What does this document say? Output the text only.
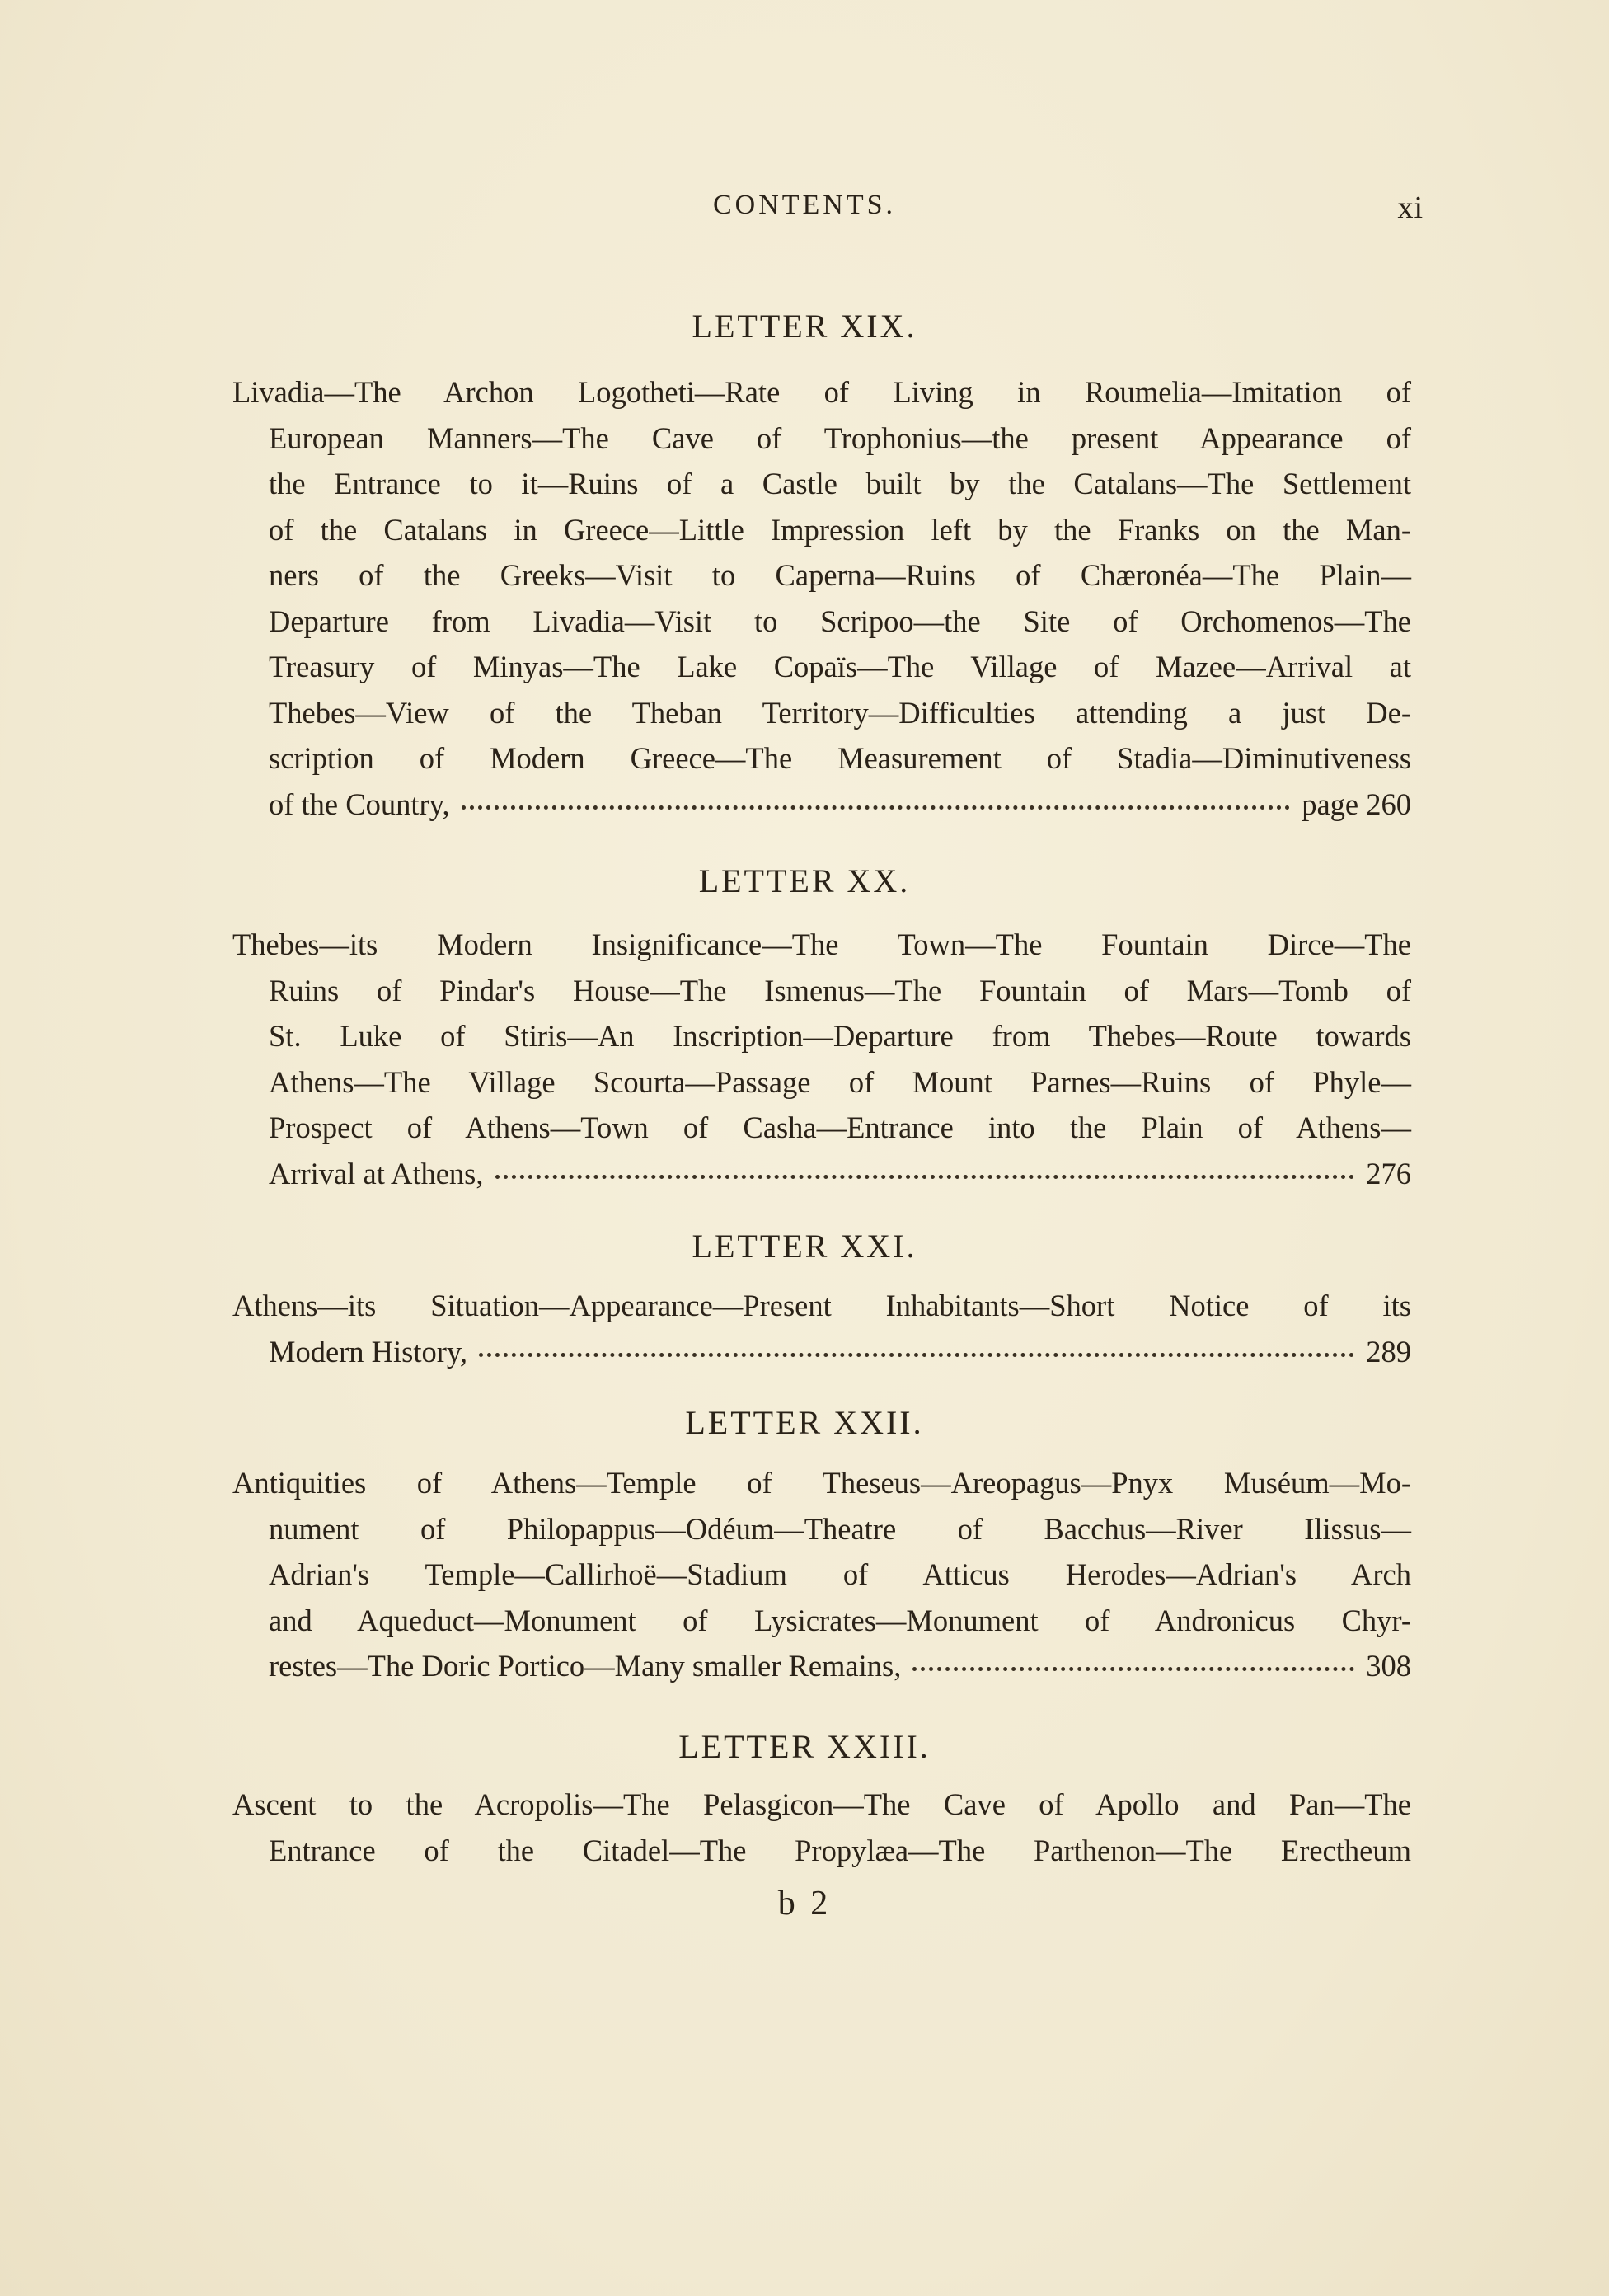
CONTENTS.	xi
LETTER XIX.
Livadia—The Archon Logotheti—Rate of Living in Roumelia—Imitation of
European Manners—The Cave of Trophonius—the present Appearance of
the Entrance to it—Ruins of a Castle built by the Catalans—The Settlement
of the Catalans in Greece—Little Impression left by the Franks on the Man-
ners of the Greeks—Visit to Caperna—Ruins of Chæronéa—The Plain—
Departure from Livadia—Visit to Scripoo—the Site of Orchomenos—The
Treasury of Minyas—The Lake Copaïs—The Village of Mazee—Arrival at
Thebes—View of the Theban Territory—Difficulties attending a just De-
scription of Modern Greece—The Measurement of Stadia—Diminutiveness
of the Country,	page 260
LETTER XX.
Thebes—its Modern Insignificance—The Town—The Fountain Dirce—The
Ruins of Pindar's House—The Ismenus—The Fountain of Mars—Tomb of
St. Luke of Stiris—An Inscription—Departure from Thebes—Route towards
Athens—The Village Scourta—Passage of Mount Parnes—Ruins of Phyle—
Prospect of Athens—Town of Casha—Entrance into the Plain of Athens—
Arrival at Athens,	276
LETTER XXI.
Athens—its Situation—Appearance—Present Inhabitants—Short Notice of its
Modern History,	289
LETTER XXII.
Antiquities of Athens—Temple of Theseus—Areopagus—Pnyx Muséum—Mo-
nument of Philopappus—Odéum—Theatre of Bacchus—River Ilissus—
Adrian's Temple—Callirhoë—Stadium of Atticus Herodes—Adrian's Arch
and Aqueduct—Monument of Lysicrates—Monument of Andronicus Chyr-
restes—The Doric Portico—Many smaller Remains,	308
LETTER XXIII.
Ascent to the Acropolis—The Pelasgicon—The Cave of Apollo and Pan—The
Entrance of the Citadel—The Propylæa—The Parthenon—The Erectheum
b 2
